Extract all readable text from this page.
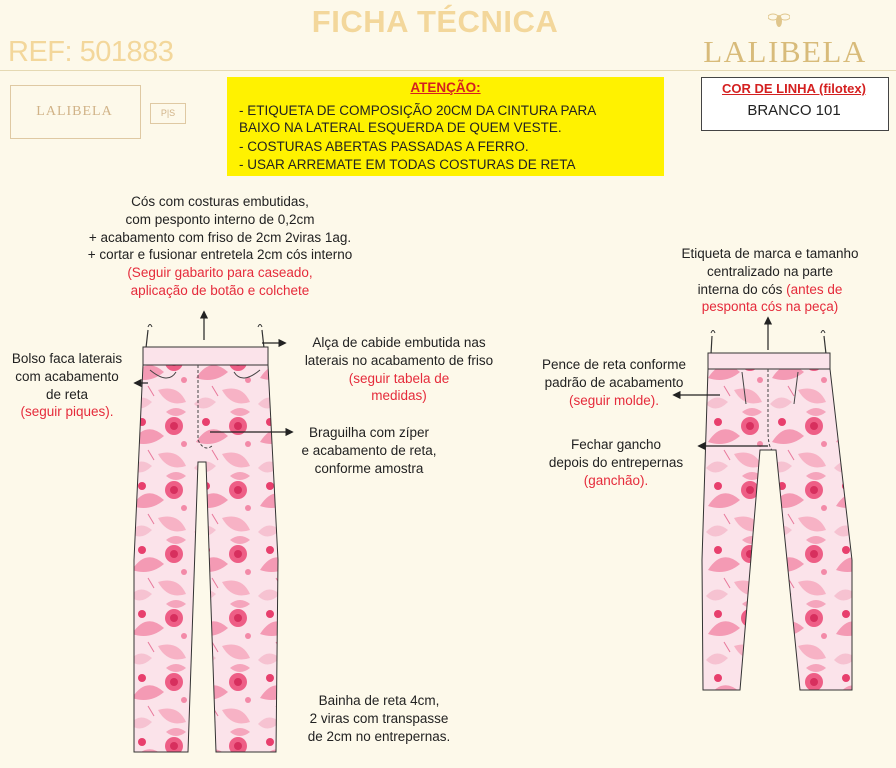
FICHA TÉCNICA
REF: 501883	LALIBELA
LALIBELA	P|S
ATENÇÃO:
- ETIQUETA DE COMPOSIÇÃO 20CM DA CINTURA PARA
BAIXO NA LATERAL ESQUERDA DE QUEM VESTE.
- COSTURAS ABERTAS PASSADAS A FERRO.
- USAR ARREMATE EM TODAS COSTURAS DE RETA
COR DE LINHA (filotex)
BRANCO 101
Cós com costuras embutidas,
com pesponto interno de 0,2cm
+ acabamento com friso de 2cm 2viras 1ag.
+ cortar e fusionar entretela 2cm cós interno
(Seguir gabarito para caseado,
aplicação de botão e colchete
Bolso faca laterais
com acabamento
de reta
(seguir piques).
Alça de cabide embutida nas
laterais no acabamento de friso
(seguir tabela de
medidas)
Braguilha com zíper
e acabamento de reta,
conforme amostra
Bainha de reta 4cm,
2 viras com transpasse
de 2cm no entrepernas.
Etiqueta de marca e tamanho
centralizado na parte
interna do cós (antes de
pesponta cós na peça)
Pence de reta conforme
padrão de acabamento
(seguir molde).
Fechar gancho
depois do entrepernas
(ganchão).
